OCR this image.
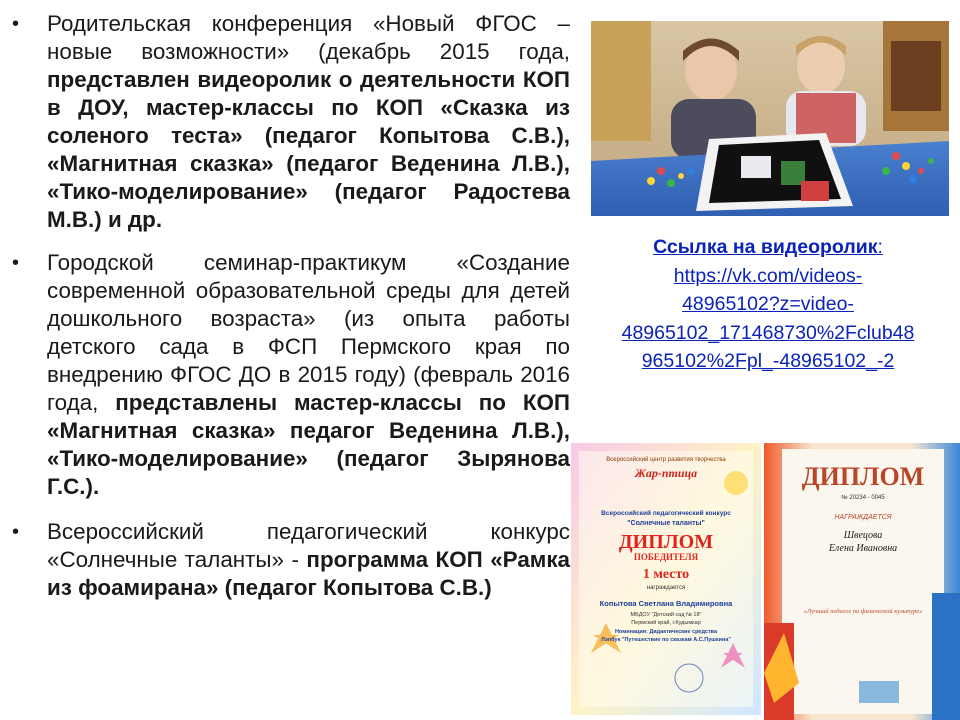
• Родительская конференция «Новый ФГОС – новые возможности» (декабрь 2015 года, представлен видеоролик о деятельности КОП в ДОУ, мастер-классы по КОП «Сказка из соленого теста» (педагог Копытова С.В.), «Магнитная сказка» (педагог Веденина Л.В.), «Тико-моделирование» (педагог Радостева М.В.) и др.
• Городской семинар-практикум «Создание современной образовательной среды для детей дошкольного возраста» (из опыта работы детского сада в ФСП Пермского края по внедрению ФГОС ДО в 2015 году) (февраль 2016 года, представлены мастер-классы по КОП «Магнитная сказка» педагог Веденина Л.В.), «Тико-моделирование» (педагог Зырянова Г.С.).
• Всероссийский педагогический конкурс «Солнечные таланты» - программа КОП «Рамка из фоамирана» (педагог Копытова С.В.)
Ссылка на видеоролик:
https://vk.com/videos-
48965102?z=video-
48965102_171468730%2Fclub48
965102%2Fpl_-48965102_-2
Всероссийский центр развития творчества
Жар-птица
Всероссийский педагогический конкурс
"Солнечные таланты"
ДИПЛОМ
ПОБЕДИТЕЛЯ
1 место
награждается
Копытова Светлана Владимировна
МБДОУ "Детский сад № 18"
Пермский край, г.Кудымкар
Номинация: Дидактические средства
Лэпбук "Путешествие по сказкам А.С.Пушкина"
ДИПЛОМ
№ 20234 - 0045
НАГРАЖДАЕТСЯ
Швецова
Елена Ивановна
«Лучший педагог по физической культуре»
